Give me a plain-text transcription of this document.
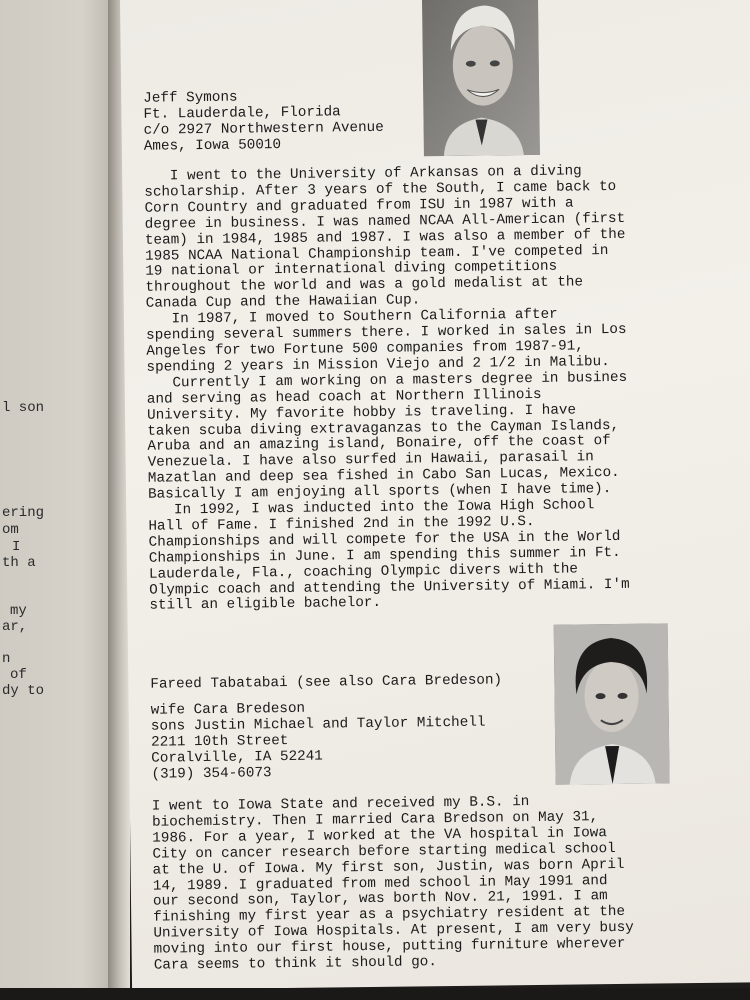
l son
ering
om
I
th a
my
ar,
n
of
dy to
Jeff Symons
Ft. Lauderdale, Florida
c/o 2927 Northwestern Avenue
Ames, Iowa 50010
I went to the University of Arkansas on a diving
scholarship. After 3 years of the South, I came back to
Corn Country and graduated from ISU in 1987 with a
degree in business. I was named NCAA All-American (first
team) in 1984, 1985 and 1987. I was also a member of the
1985 NCAA National Championship team. I've competed in
19 national or international diving competitions
throughout the world and was a gold medalist at the
Canada Cup and the Hawaiian Cup.
In 1987, I moved to Southern California after
spending several summers there. I worked in sales in Los
Angeles for two Fortune 500 companies from 1987-91,
spending 2 years in Mission Viejo and 2 1/2 in Malibu.
Currently I am working on a masters degree in busines
and serving as head coach at Northern Illinois
University. My favorite hobby is traveling. I have
taken scuba diving extravaganzas to the Cayman Islands,
Aruba and an amazing island, Bonaire, off the coast of
Venezuela. I have also surfed in Hawaii, parasail in
Mazatlan and deep sea fished in Cabo San Lucas, Mexico.
Basically I am enjoying all sports (when I have time).
In 1992, I was inducted into the Iowa High School
Hall of Fame. I finished 2nd in the 1992 U.S.
Championships and will compete for the USA in the World
Championships in June. I am spending this summer in Ft.
Lauderdale, Fla., coaching Olympic divers with the
Olympic coach and attending the University of Miami. I'm
still an eligible bachelor.
Fareed Tabatabai (see also Cara Bredeson)
wife Cara Bredeson
sons Justin Michael and Taylor Mitchell
2211 10th Street
Coralville, IA 52241
(319) 354-6073
I went to Iowa State and received my B.S. in
biochemistry. Then I married Cara Bredson on May 31,
1986. For a year, I worked at the VA hospital in Iowa
City on cancer research before starting medical school
at the U. of Iowa. My first son, Justin, was born April
14, 1989. I graduated from med school in May 1991 and
our second son, Taylor, was borth Nov. 21, 1991. I am
finishing my first year as a psychiatry resident at the
University of Iowa Hospitals. At present, I am very busy
moving into our first house, putting furniture wherever
Cara seems to think it should go.
